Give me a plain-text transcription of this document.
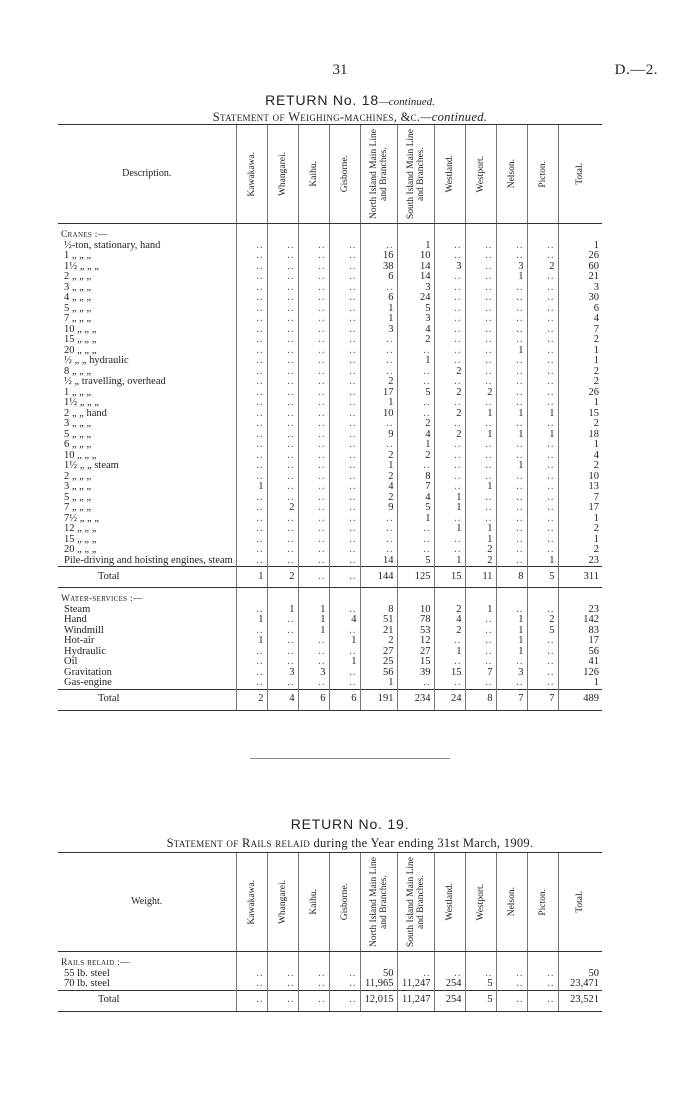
31	D.—2.
RETURN No. 18—continued.
Statement of Weighing-machines, &c.—continued.
Description.	Kawakawa.	Whangarei.	Kaihu.	Gisborne.	North Island Main Line and Branches.	South Island Main Line and Branches.	Westland.	Westport.	Nelson.	Picton.	Total.

Cranes :—											
½-ton, stationary, hand	..	..	..	..	..	1	..	..	..	..	1
1 „ „ „	..	..	..	..	16	10	..	..	..	..	26
1½ „ „ „	..	..	..	..	38	14	3	..	3	2	60
2 „ „ „	..	..	..	..	6	14	..	..	1	..	21
3 „ „ „	..	..	..	..	..	3	..	..	..	..	3
4 „ „ „	..	..	..	..	6	24	..	..	..	..	30
5 „ „ „	..	..	..	..	1	5	..	..	..	..	6
7 „ „ „	..	..	..	..	1	3	..	..	..	..	4
10 „ „ „	..	..	..	..	3	4	..	..	..	..	7
15 „ „ „	..	..	..	..	..	2	..	..	..	..	2
20 „ „ „	..	..	..	..	..	..	..	..	1	..	1
½ „ „ hydraulic	..	..	..	..	..	1	..	..	..	..	1
8 „ „ „	..	..	..	..	..	..	2	..	..	..	2
½ „ travelling, overhead	..	..	..	..	2	..	..	..	..	..	2
1 „ „ „	..	..	..	..	17	5	2	2	..	..	26
1½ „ „ „	..	..	..	..	1	..	..	..	..	..	1
2 „ „ hand	..	..	..	..	10	..	2	1	1	1	15
3 „ „ „	..	..	..	..	..	2	..	..	..	..	2
5 „ „ „	..	..	..	..	9	4	2	1	1	1	18
6 „ „ „	..	..	..	..	..	1	..	..	..	..	1
10 „ „ „	..	..	..	..	2	2	..	..	..	..	4
1½ „ „ steam	..	..	..	..	1	..	..	..	1	..	2
2 „ „ „	..	..	..	..	2	8	..	..	..	..	10
3 „ „ „	1	..	..	..	4	7	..	1	..	..	13
5 „ „ „	..	..	..	..	2	4	1	..	..	..	7
7 „ „ „	..	2	..	..	9	5	1	..	..	..	17
7½ „ „ „	..	..	..	..	..	1	..	..	..	..	1
12 „ „ „	..	..	..	..	..	..	1	1	..	..	2
15 „ „ „	..	..	..	..	..	..	..	1	..	..	1
20 „ „ „	..	..	..	..	..	..	..	2	..	..	2
Pile-driving and hoisting engines, steam	..	..	..	..	14	5	1	2	..	1	23
Total	1	2	..	..	144	125	15	11	8	5	311

Water-services :—											
Steam	..	1	1	..	8	10	2	1	..	..	23
Hand	1	..	1	4	51	78	4	..	1	2	142
Windmill	..	..	1	..	21	53	2	..	1	5	83
Hot-air	1	..	..	1	2	12	..	..	1	..	17
Hydraulic	..	..	..	..	27	27	1	..	1	..	56
Oil	..	..	..	1	25	15	..	..	..	..	41
Gravitation	..	3	3	..	56	39	15	7	3	..	126
Gas-engine	..	..	..	..	1	..	..	..	..	..	1
Total	2	4	6	6	191	234	24	8	7	7	489
RETURN No. 19.
Statement of Rails relaid during the Year ending 31st March, 1909.
Weight.	Kawakawa.	Whangarei.	Kaihu.	Gisborne.	North Island Main Line and Branches.	South Island Main Line and Branches.	Westland.	Westport.	Nelson.	Picton.	Total.

Rails relaid :—											
55 lb. steel	..	..	..	..	50	..	..	..	..	..	50
70 lb. steel	..	..	..	..	11,965	11,247	254	5	..	..	23,471
Total	..	..	..	..	12,015	11,247	254	5	..	..	23,521
